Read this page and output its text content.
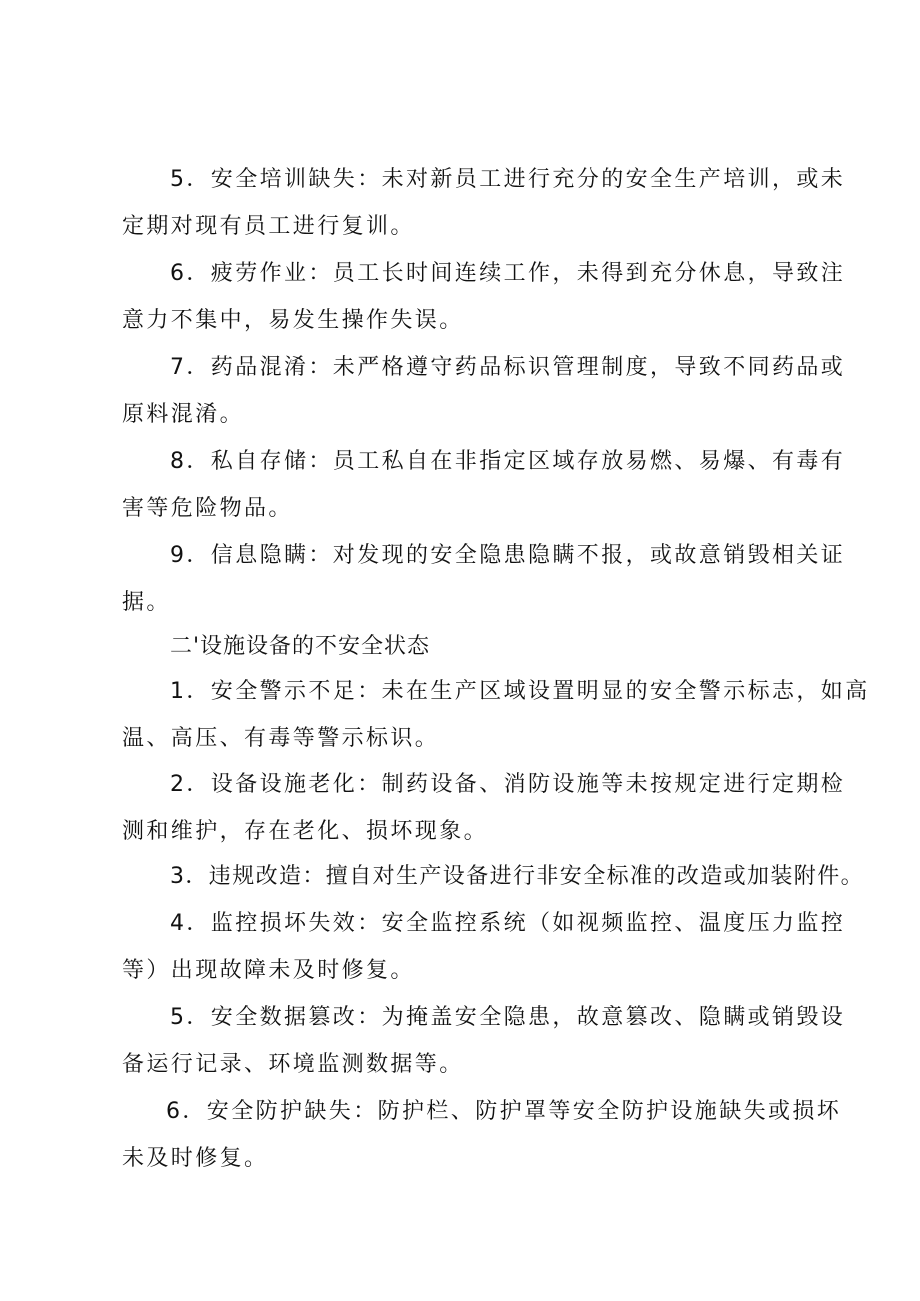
5．安全培训缺失：未对新员工进行充分的安全生产培训，或未

定期对现有员工进行复训。

6．疲劳作业：员工长时间连续工作，未得到充分休息，导致注

意力不集中，易发生操作失误。

7．药品混淆：未严格遵守药品标识管理制度，导致不同药品或

原料混淆。

8．私自存储：员工私自在非指定区域存放易燃、易爆、有毒有

害等危险物品。

9．信息隐瞒：对发现的安全隐患隐瞒不报，或故意销毁相关证

据。

二'设施设备的不安全状态

1．安全警示不足：未在生产区域设置明显的安全警示标志，如高

温、高压、有毒等警示标识。

2．设备设施老化：制药设备、消防设施等未按规定进行定期检

测和维护，存在老化、损坏现象。

3．违规改造：擅自对生产设备进行非安全标准的改造或加装附件。

4．监控损坏失效：安全监控系统（如视频监控、温度压力监控

等）出现故障未及时修复。

5．安全数据篡改：为掩盖安全隐患，故意篡改、隐瞒或销毁设

备运行记录、环境监测数据等。

6．安全防护缺失：防护栏、防护罩等安全防护设施缺失或损坏

未及时修复。
